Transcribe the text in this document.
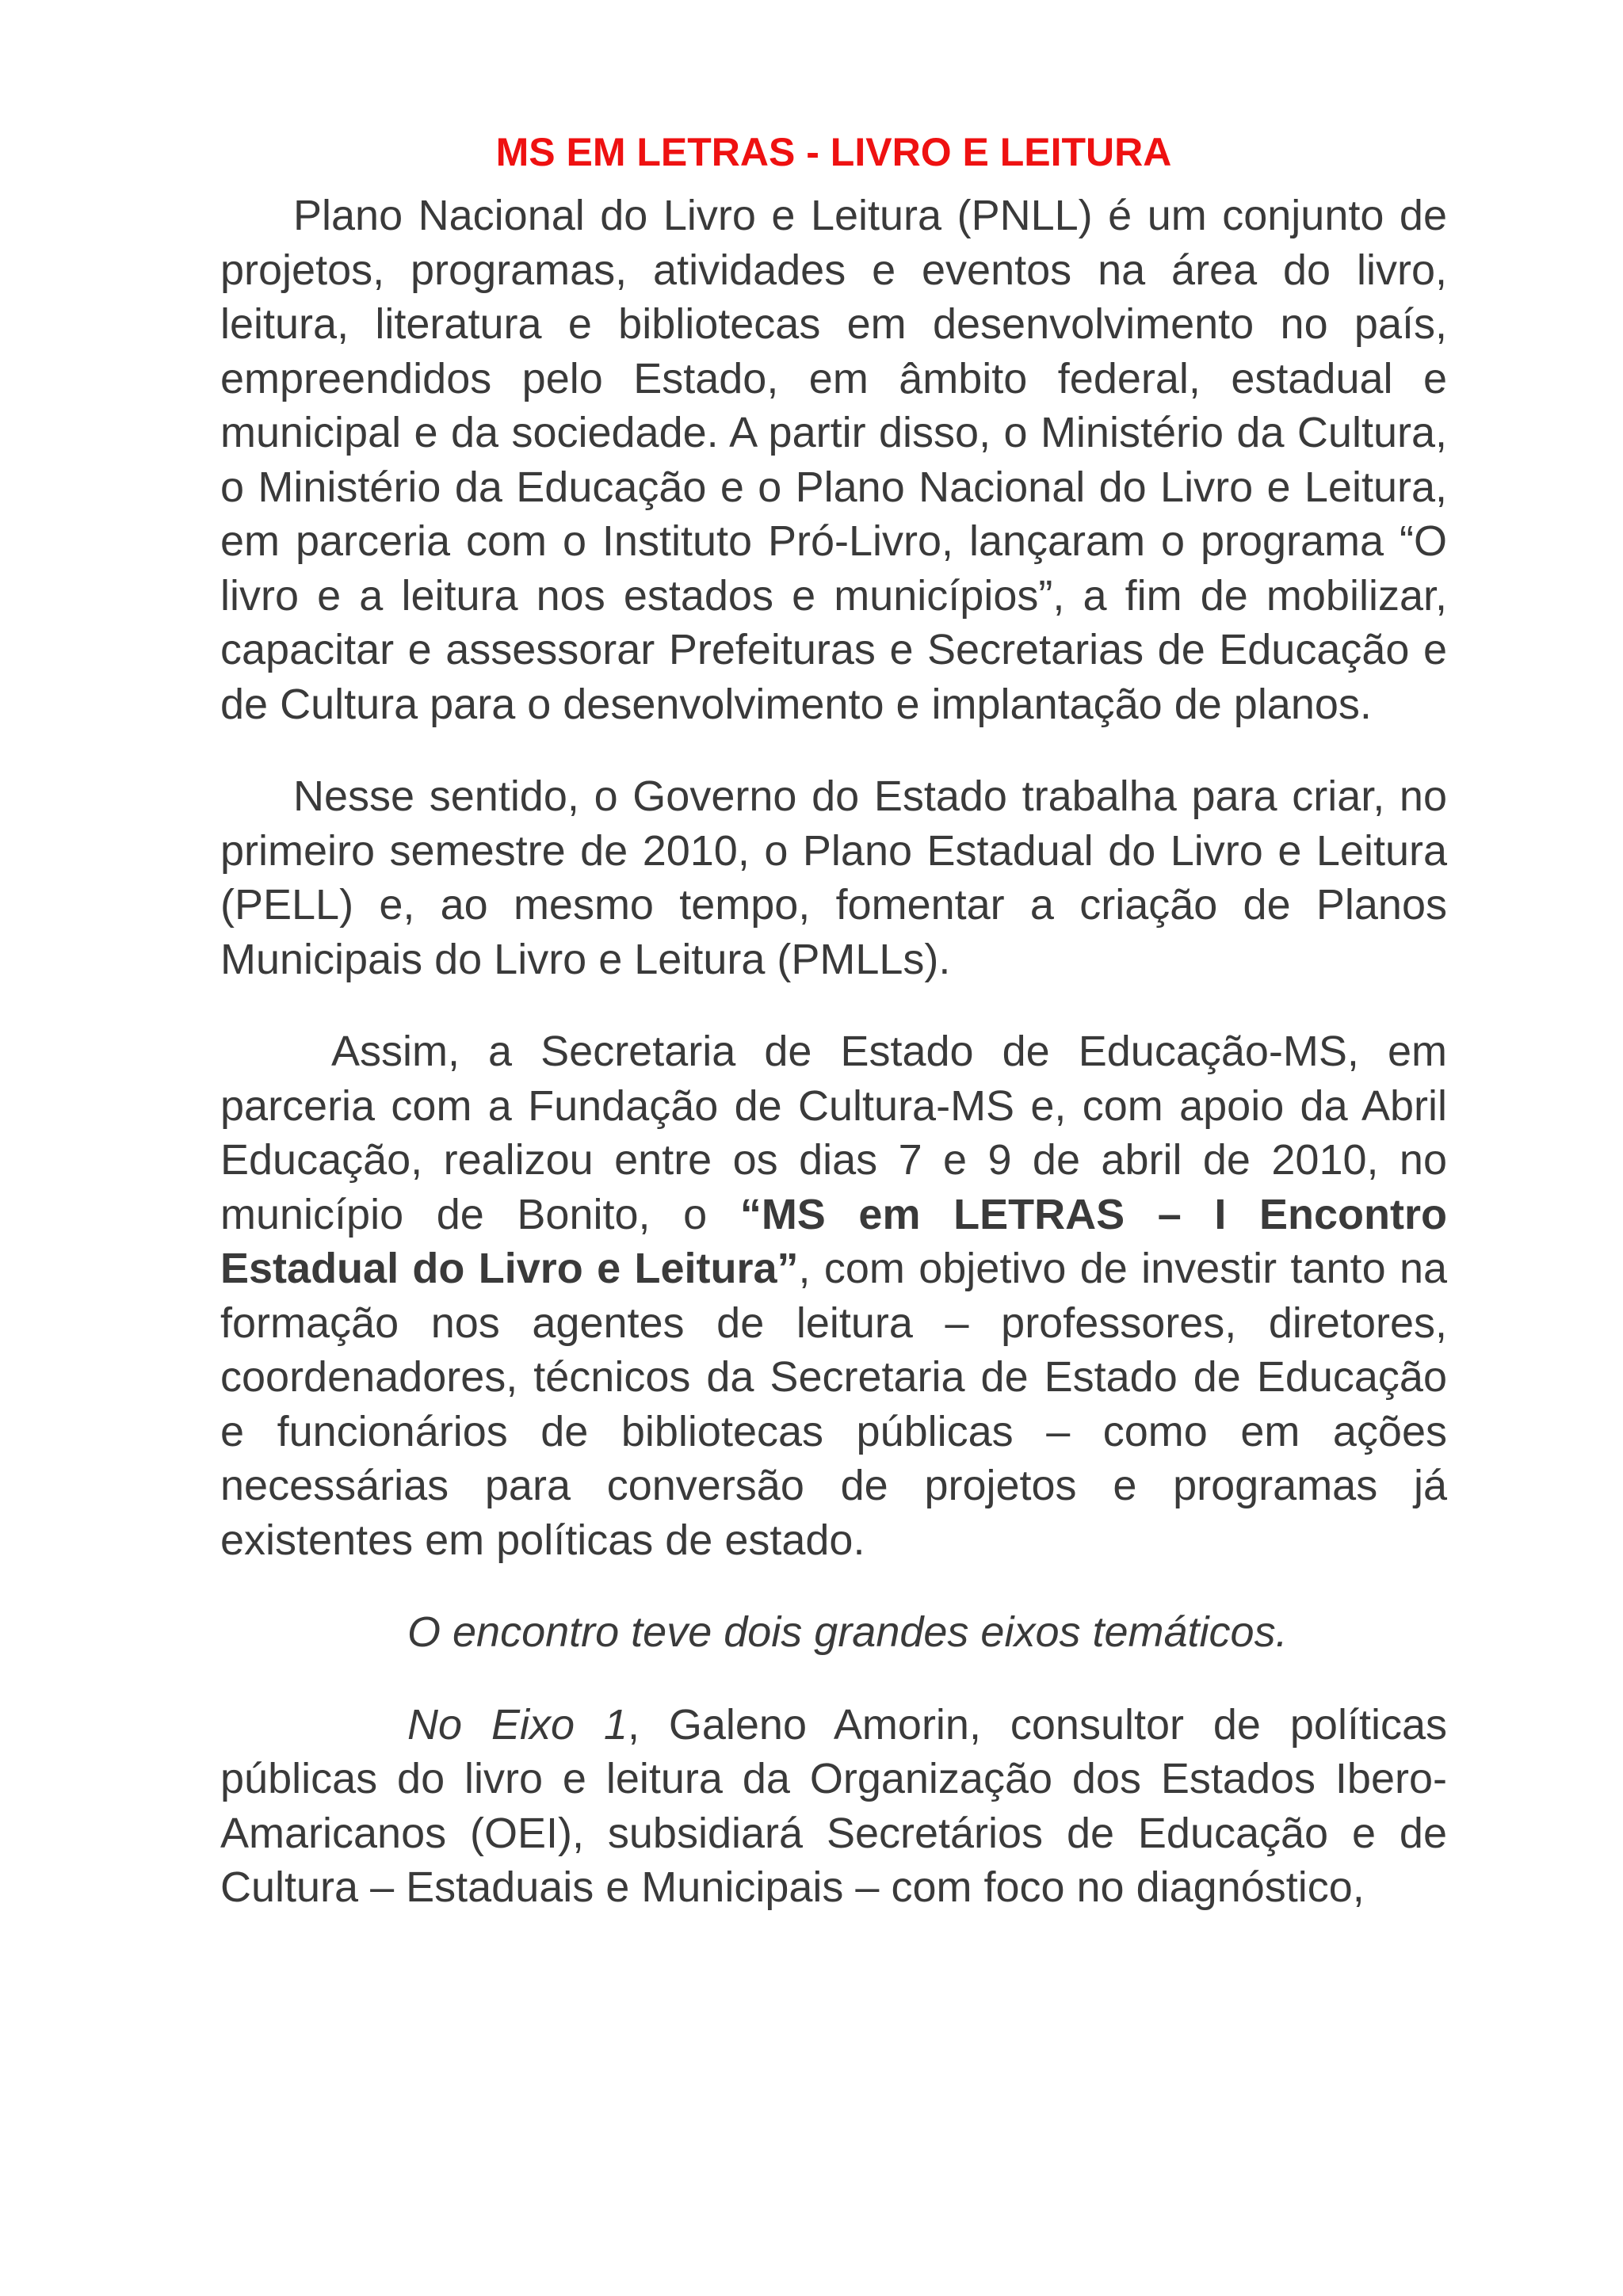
MS EM LETRAS - LIVRO E LEITURA

Plano Nacional do Livro e Leitura (PNLL) é um conjunto de projetos, programas, atividades e eventos na área do livro, leitura, literatura e bibliotecas em desenvolvimento no país, empreendidos pelo Estado, em âmbito federal, estadual e municipal e da sociedade. A partir disso, o Ministério da Cultura, o Ministério da Educação e o Plano Nacional do Livro e Leitura, em parceria com o Instituto Pró-Livro, lançaram o programa “O livro e a leitura nos estados e municípios”, a fim de mobilizar, capacitar e assessorar Prefeituras e Secretarias de Educação e de Cultura para o desenvolvimento e implantação de planos.

Nesse sentido, o Governo do Estado trabalha para criar, no primeiro semestre de 2010, o Plano Estadual do Livro e Leitura (PELL) e, ao mesmo tempo, fomentar a criação de Planos Municipais do Livro e Leitura (PMLLs).

Assim, a Secretaria de Estado de Educação-MS, em parceria com a Fundação de Cultura-MS e, com apoio da Abril Educação, realizou entre os dias 7 e 9 de abril de 2010, no município de Bonito, o “MS em LETRAS – I Encontro Estadual do Livro e Leitura”, com objetivo de investir tanto na formação nos agentes de leitura – professores, diretores, coordenadores, técnicos da Secretaria de Estado de Educação e funcionários de bibliotecas públicas – como em ações necessárias para conversão de projetos e programas já existentes em políticas de estado.

O encontro teve dois grandes eixos temáticos.

No Eixo 1, Galeno Amorin, consultor de políticas públicas do livro e leitura da Organização dos Estados Ibero-Amaricanos (OEI), subsidiará Secretários de Educação e de Cultura – Estaduais e Municipais – com foco no diagnóstico,
